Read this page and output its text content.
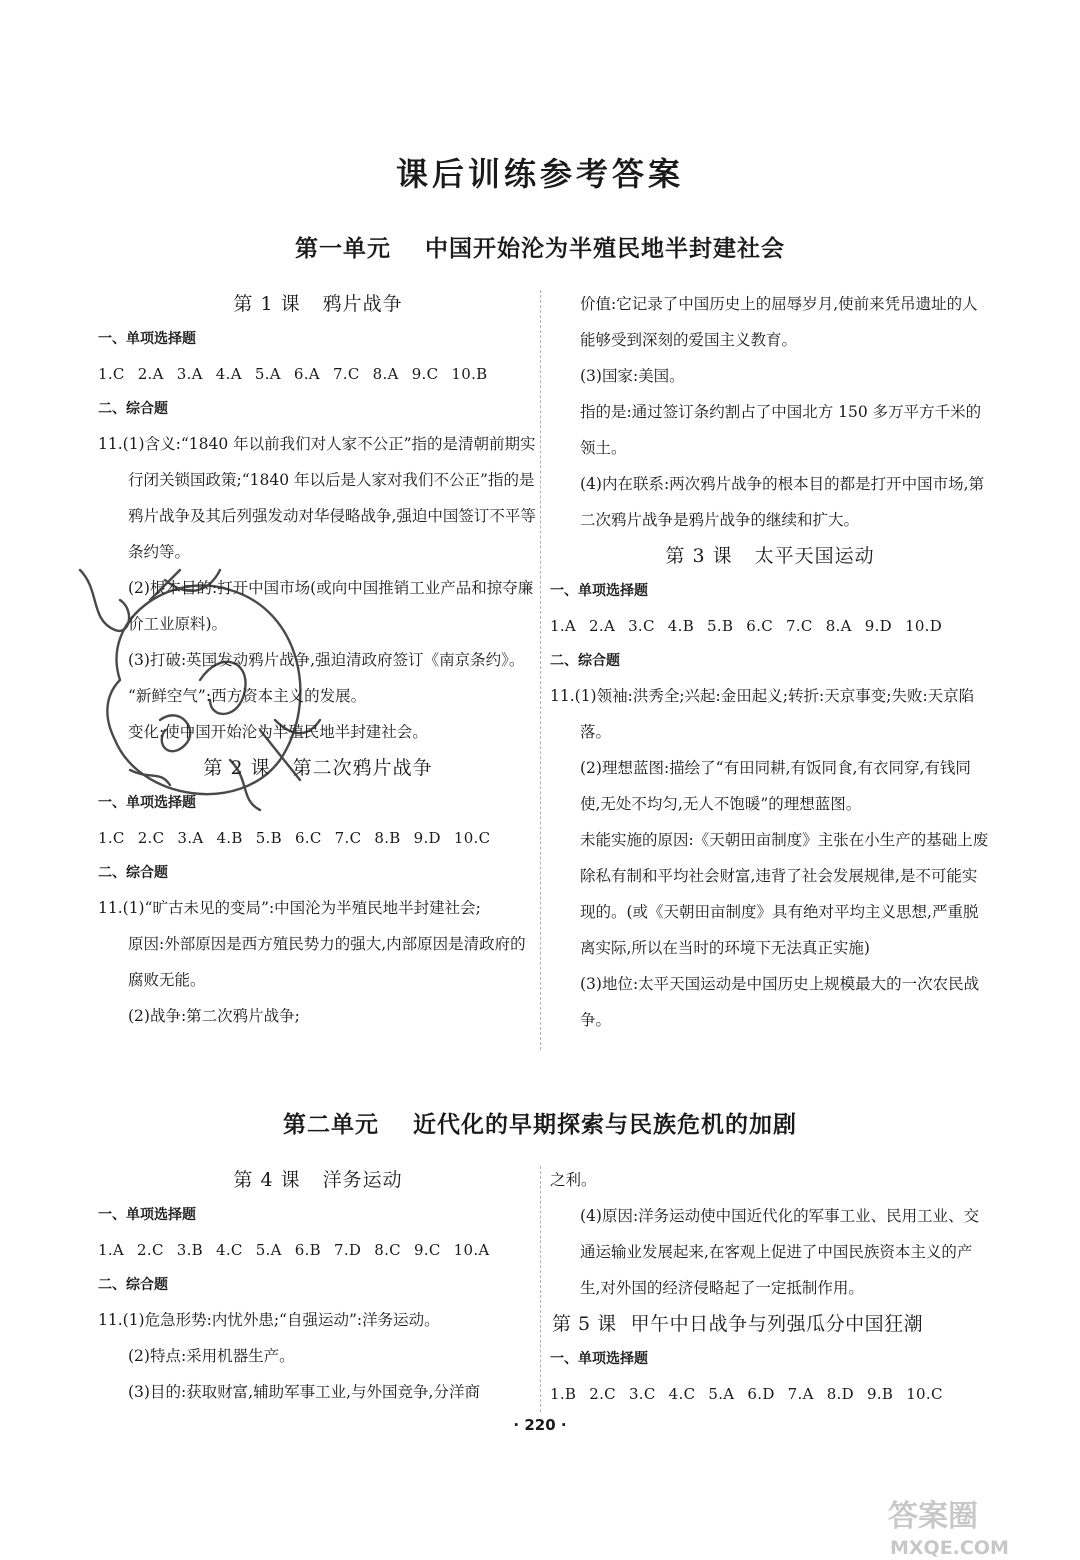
课后训练参考答案
第一单元 中国开始沦为半殖民地半封建社会
第 1 课 鸦片战争
一、单项选择题
1.C 2.A 3.A 4.A 5.A 6.A 7.C 8.A 9.C 10.B
二、综合题
11.(1)含义:“1840 年以前我们对人家不公正”指的是清朝前期实行闭关锁国政策;“1840 年以后是人家对我们不公正”指的是鸦片战争及其后列强发动对华侵略战争,强迫中国签订不平等条约等。
(2)根本目的:打开中国市场(或向中国推销工业产品和掠夺廉价工业原料)。
(3)打破:英国发动鸦片战争,强迫清政府签订《南京条约》。
“新鲜空气”:西方资本主义的发展。
变化:使中国开始沦为半殖民地半封建社会。
第 2 课 第二次鸦片战争
一、单项选择题
1.C 2.C 3.A 4.B 5.B 6.C 7.C 8.B 9.D 10.C
二、综合题
11.(1)“旷古未见的变局”:中国沦为半殖民地半封建社会;
原因:外部原因是西方殖民势力的强大,内部原因是清政府的腐败无能。
(2)战争:第二次鸦片战争;
价值:它记录了中国历史上的屈辱岁月,使前来凭吊遗址的人能够受到深刻的爱国主义教育。
(3)国家:美国。
指的是:通过签订条约割占了中国北方 150 多万平方千米的领土。
(4)内在联系:两次鸦片战争的根本目的都是打开中国市场,第二次鸦片战争是鸦片战争的继续和扩大。
第 3 课 太平天国运动
一、单项选择题
1.A 2.A 3.C 4.B 5.B 6.C 7.C 8.A 9.D 10.D
二、综合题
11.(1)领袖:洪秀全;兴起:金田起义;转折:天京事变;失败:天京陷落。
(2)理想蓝图:描绘了“有田同耕,有饭同食,有衣同穿,有钱同使,无处不均匀,无人不饱暖”的理想蓝图。
未能实施的原因:《天朝田亩制度》主张在小生产的基础上废除私有制和平均社会财富,违背了社会发展规律,是不可能实现的。(或《天朝田亩制度》具有绝对平均主义思想,严重脱离实际,所以在当时的环境下无法真正实施)
(3)地位:太平天国运动是中国历史上规模最大的一次农民战争。
第二单元 近代化的早期探索与民族危机的加剧
第 4 课 洋务运动
一、单项选择题
1.A 2.C 3.B 4.C 5.A 6.B 7.D 8.C 9.C 10.A
二、综合题
11.(1)危急形势:内忧外患;“自强运动”:洋务运动。
(2)特点:采用机器生产。
(3)目的:获取财富,辅助军事工业,与外国竞争,分洋商
之利。
(4)原因:洋务运动使中国近代化的军事工业、民用工业、交通运输业发展起来,在客观上促进了中国民族资本主义的产生,对外国的经济侵略起了一定抵制作用。
第 5 课 甲午中日战争与列强瓜分中国狂潮
一、单项选择题
1.B 2.C 3.C 4.C 5.A 6.D 7.A 8.D 9.B 10.C
· 220 ·
答案圈
MXQE.COM
